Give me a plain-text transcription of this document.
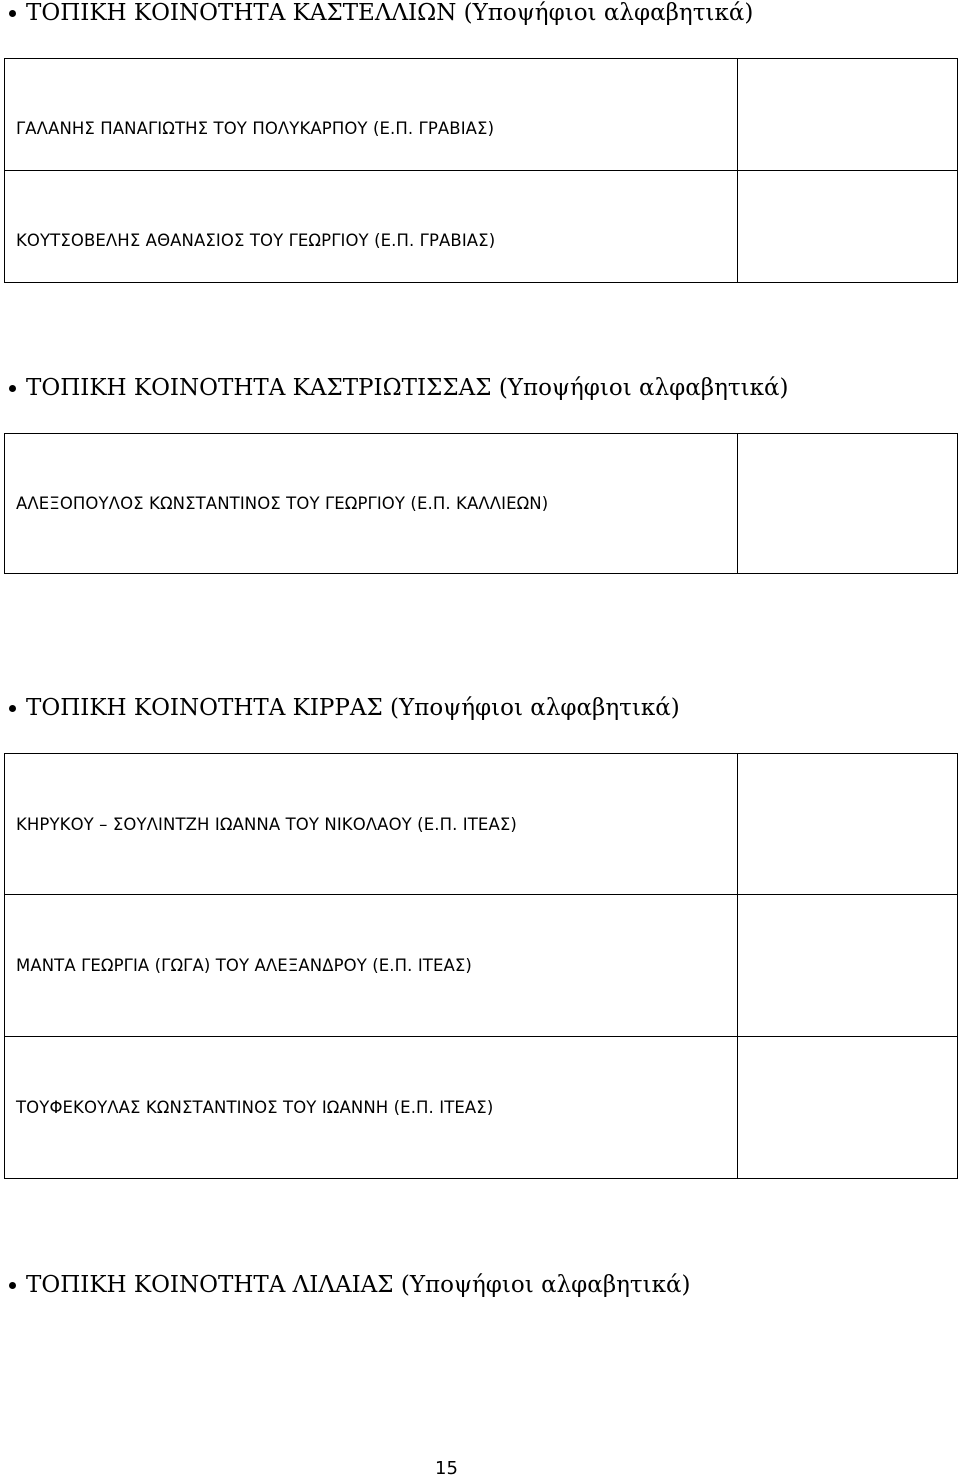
ΤΟΠΙΚΗ ΚΟΙΝΟΤΗΤΑ ΚΑΣΤΕΛΛΙΩΝ (Υποψήφιοι αλφαβητικά)
ΓΑΛΑΝΗΣ ΠΑΝΑΓΙΩΤΗΣ ΤΟΥ ΠΟΛΥΚΑΡΠΟΥ (Ε.Π. ΓΡΑΒΙΑΣ)	
ΚΟΥΤΣΟΒΕΛΗΣ ΑΘΑΝΑΣΙΟΣ ΤΟΥ ΓΕΩΡΓΙΟΥ (Ε.Π. ΓΡΑΒΙΑΣ)	
ΤΟΠΙΚΗ ΚΟΙΝΟΤΗΤΑ ΚΑΣΤΡΙΩΤΙΣΣΑΣ (Υποψήφιοι αλφαβητικά)
ΑΛΕΞΟΠΟΥΛΟΣ ΚΩΝΣΤΑΝΤΙΝΟΣ ΤΟΥ ΓΕΩΡΓΙΟΥ (Ε.Π. ΚΑΛΛΙΕΩΝ)	
ΤΟΠΙΚΗ ΚΟΙΝΟΤΗΤΑ ΚΙΡΡΑΣ (Υποψήφιοι αλφαβητικά)
ΚΗΡΥΚΟΥ – ΣΟΥΛΙΝΤΖΗ ΙΩΑΝΝΑ ΤΟΥ ΝΙΚΟΛΑΟΥ (Ε.Π. ΙΤΕΑΣ)	
ΜΑΝΤΑ ΓΕΩΡΓΙΑ (ΓΩΓΑ) ΤΟΥ ΑΛΕΞΑΝΔΡΟΥ (Ε.Π. ΙΤΕΑΣ)	
ΤΟΥΦΕΚΟΥΛΑΣ ΚΩΝΣΤΑΝΤΙΝΟΣ ΤΟΥ ΙΩΑΝΝΗ (Ε.Π. ΙΤΕΑΣ)	
ΤΟΠΙΚΗ ΚΟΙΝΟΤΗΤΑ ΛΙΛΑΙΑΣ (Υποψήφιοι αλφαβητικά)
15
